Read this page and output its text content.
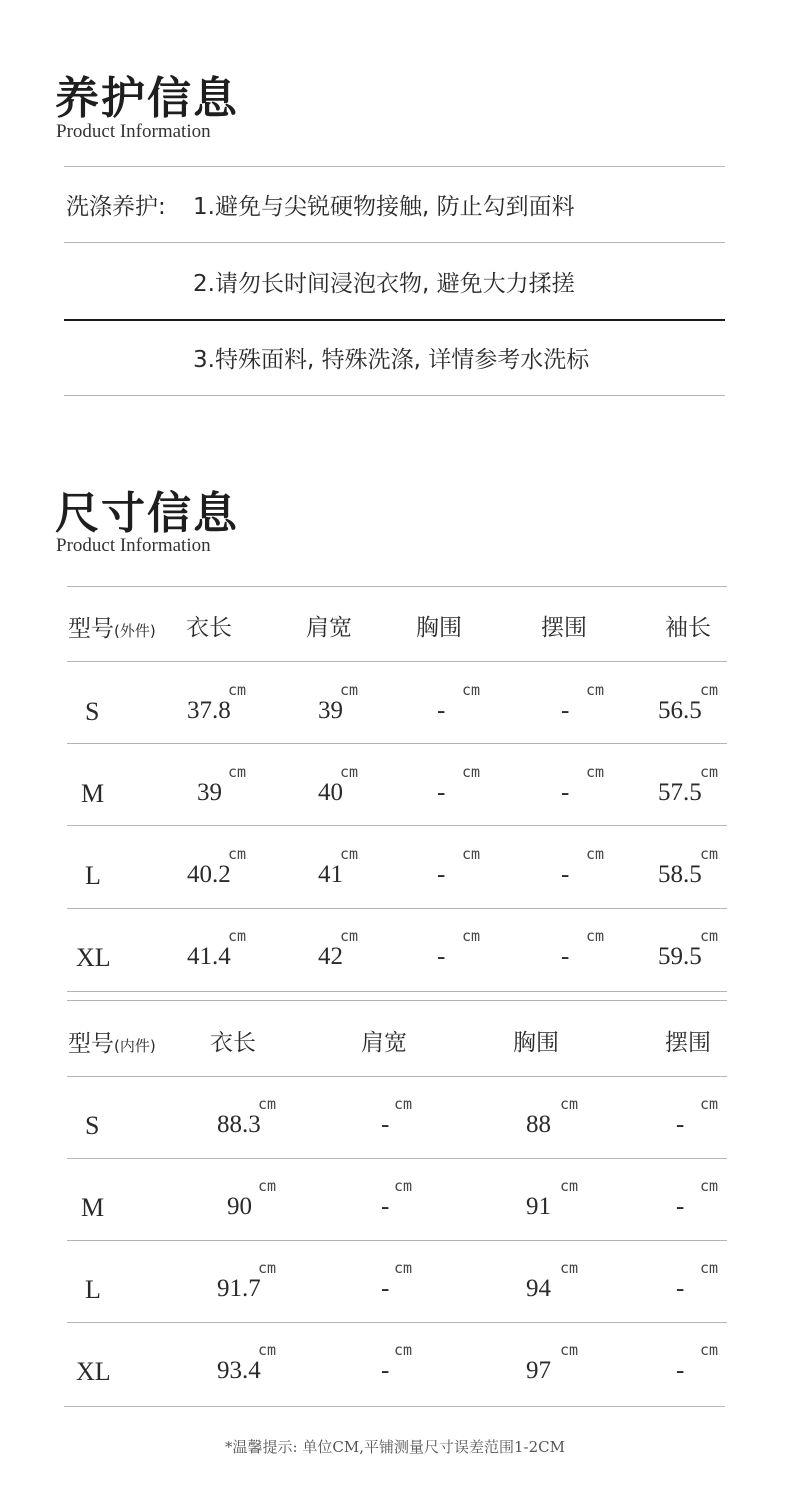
养护信息
Product Information
洗涤养护: 1.避免与尖锐硬物接触, 防止勾到面料
2.请勿长时间浸泡衣物, 避免大力揉搓
3.特殊面料, 特殊洗涤, 详情参考水洗标
尺寸信息
Product Information
型号(外件) 衣长	肩宽	胸围	摆围	袖长
S	37.8	39	-	-	56.5
cm	cm	cm	cm	cm
M	39	40	-	-	57.5
cm	cm	cm	cm	cm
L	40.2	41	-	-	58.5
cm	cm	cm	cm	cm
XL	41.4	42	-	-	59.5
cm	cm	cm	cm	cm
型号(内件) 衣长	肩宽	胸围	摆围
S	88.3	-	88	-
cm	cm	cm	cm
M	90	-	91	-
cm	cm	cm	cm
L	91.7	-	94	-
cm	cm	cm	cm
XL	93.4	-	97	-
cm	cm	cm	cm
*温馨提示: 单位CM,平铺测量尺寸误差范围1-2CM
